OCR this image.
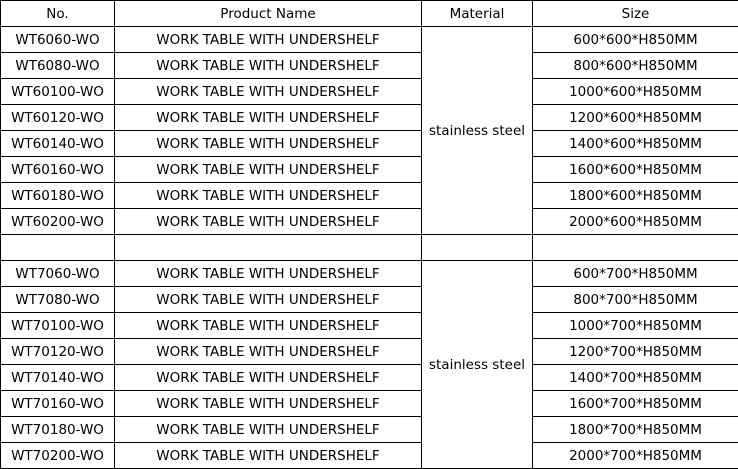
No.	Product Name	Material	Size
WT6060-WO	WORK TABLE WITH UNDERSHELF	stainless steel	600*600*H850MM
WT6080-WO	WORK TABLE WITH UNDERSHELF		800*600*H850MM
WT60100-WO	WORK TABLE WITH UNDERSHELF		1000*600*H850MM
WT60120-WO	WORK TABLE WITH UNDERSHELF		1200*600*H850MM
WT60140-WO	WORK TABLE WITH UNDERSHELF		1400*600*H850MM
WT60160-WO	WORK TABLE WITH UNDERSHELF		1600*600*H850MM
WT60180-WO	WORK TABLE WITH UNDERSHELF		1800*600*H850MM
WT60200-WO	WORK TABLE WITH UNDERSHELF		2000*600*H850MM

WT7060-WO	WORK TABLE WITH UNDERSHELF	stainless steel	600*700*H850MM
WT7080-WO	WORK TABLE WITH UNDERSHELF		800*700*H850MM
WT70100-WO	WORK TABLE WITH UNDERSHELF		1000*700*H850MM
WT70120-WO	WORK TABLE WITH UNDERSHELF		1200*700*H850MM
WT70140-WO	WORK TABLE WITH UNDERSHELF		1400*700*H850MM
WT70160-WO	WORK TABLE WITH UNDERSHELF		1600*700*H850MM
WT70180-WO	WORK TABLE WITH UNDERSHELF		1800*700*H850MM
WT70200-WO	WORK TABLE WITH UNDERSHELF		2000*700*H850MM
